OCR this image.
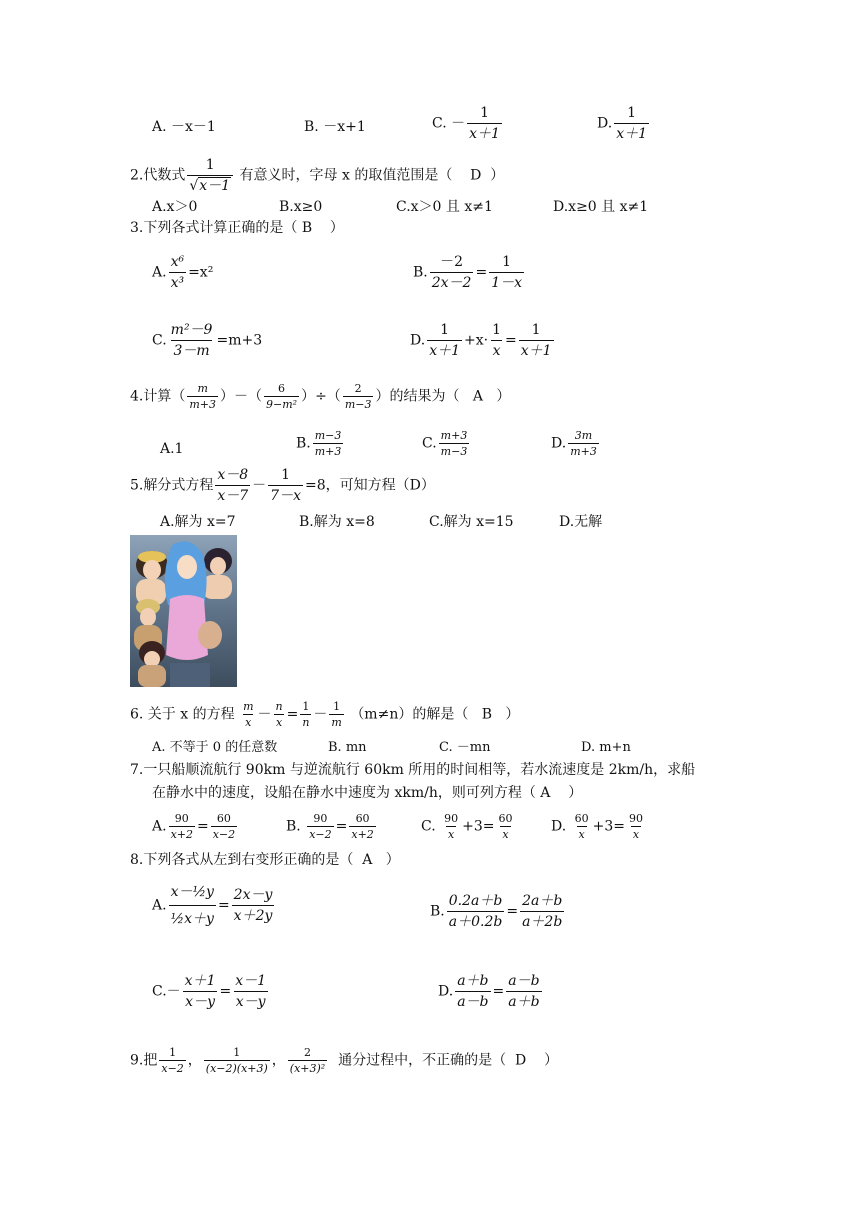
A. －x－1	B. －x+1	C. － $\frac{1}{x+1}$	D. $\frac{1}{x+1}$
2.代数式 $\frac{1}{√x-1}$ 有意义时，字母 x 的取值范围是（ D ）
A.x＞0	B.x≥0	C.x＞0 且 x≠1	D.x≥0 且 x≠1
3.下列各式计算正确的是（ B ）
A. $\frac{\text{x⁶}}{\text{x³}} =x^2$	B. $\frac{-2}{2x-2} = \frac{1}{1-x}$
C. $\frac{\text{m²－9}}{3-m} =m+3$	D. $\frac{1}{x+1} +x\cdot \frac{1}{x} = \frac{1}{x+1}$
4.计算（ $\frac{m}{m+3}$ ）－（ $\frac{6}{\text{9−m²}}$ ）÷（ $\frac{2}{m-3}$ ）的结果为（ A ）
A.1	B. $\frac{m-3}{m+3}$	C. $\frac{m+3}{m-3}$	D. $\frac{3m}{m+3}$
5.解分式方程 $\frac{x-8}{x-7} - \frac{1}{7-x} =8$，可知方程（D）
A.解为 x=7	B.解为 x=8	C.解为 x=15	D.无解
6. 关于 x 的方程 $\frac{m}{x} - \frac{n}{x} = \frac{1}{n} - \frac{1}{m} (m\ne n)$的解是（ B ）
A. 不等于 0 的任意数	B. mn	C. －mn	D. m+n
7.一只船顺流航行 90km 与逆流航行 60km 所用的时间相等，若水流速度是 2km/h，求船
在静水中的速度，设船在静水中速度为 xkm/h，则可列方程（ A ）
A. $\frac{90}{x+2} = \frac{60}{x-2}$	B. $\frac{90}{x-2} = \frac{60}{x+2}$	C. $\frac{90}{x} +3= \frac{60}{x}$	D. $\frac{60}{x} +3= \frac{90}{x}$
8.下列各式从左到右变形正确的是（ A ）
A. $\frac{\text{x－½y}}{\text{½x＋y}} = \frac{2x-y}{x+2y}$	B. $\frac{0.2a+b}{a+0.2b} = \frac{2a+b}{a+2b}$
$C.- \frac{x+1}{x-y} = \frac{x-1}{x-y}$	D. $\frac{a+b}{a-b} = \frac{a-b}{a+b}$
9.把 $\frac{1}{x-2}$ ， $\frac{1}{(x-2)(x+3)}$ ， $\frac{2}{\text{(x+3)²}}$ 通分过程中，不正确的是（ D ）
